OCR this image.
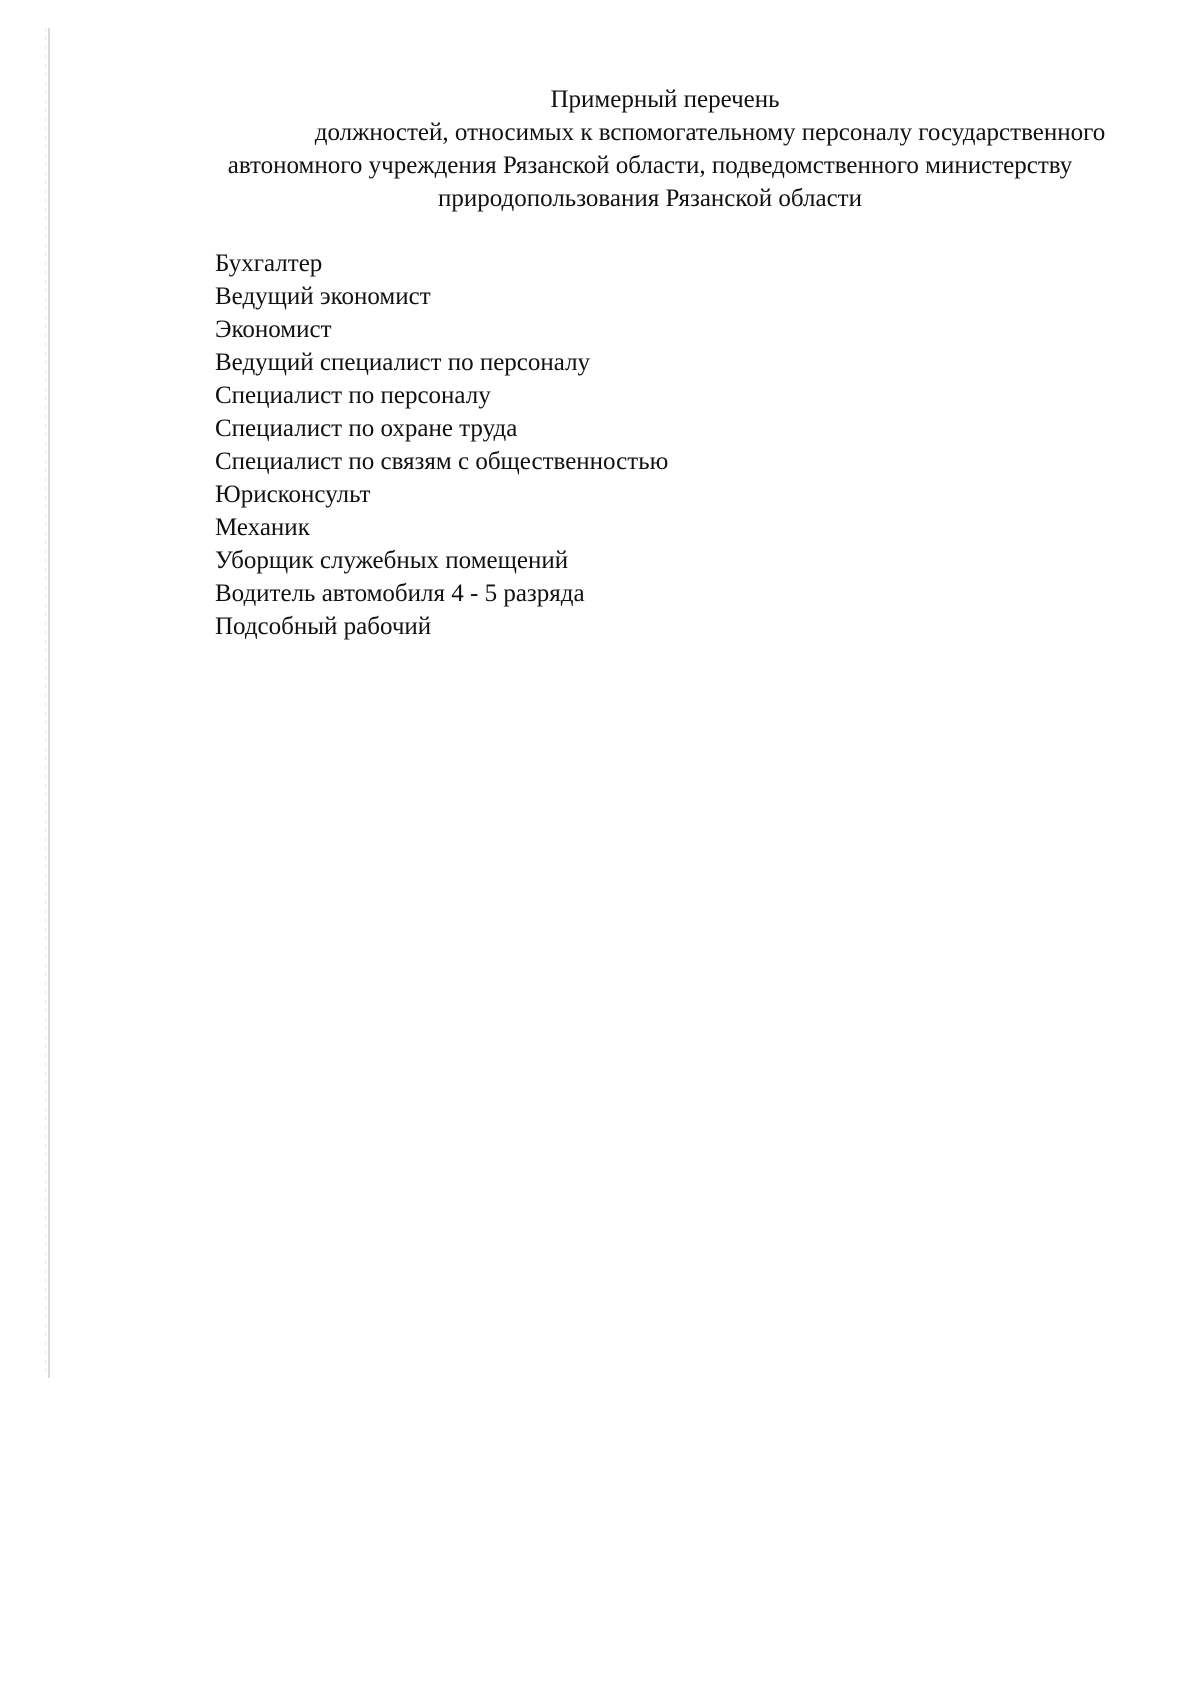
Примерный перечень
должностей, относимых к вспомогательному персоналу государственного
автономного учреждения Рязанской области, подведомственного министерству
природопользования Рязанской области
Бухгалтер
Ведущий экономист
Экономист
Ведущий специалист по персоналу
Специалист по персоналу
Специалист по охране труда
Специалист по связям с общественностью
Юрисконсульт
Механик
Уборщик служебных помещений
Водитель автомобиля 4 - 5 разряда
Подсобный рабочий
